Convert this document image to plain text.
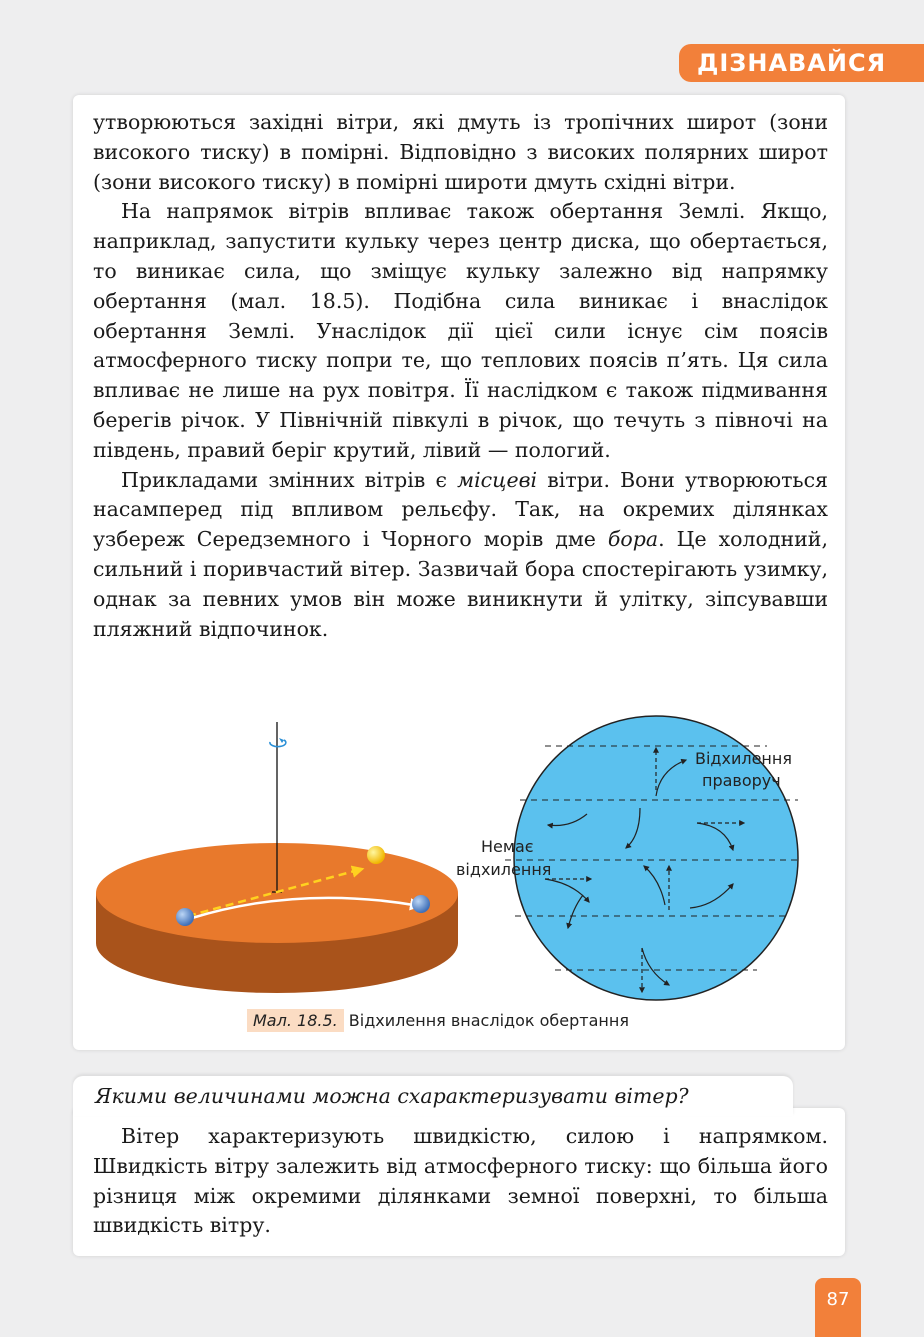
ДІЗНАВАЙСЯ

утворюються західні вітри, які дмуть із тропічних широт (зони високого тиску) в помірні. Відповідно з високих полярних широт (зони високого тиску) в помірні широти дмуть східні вітри.

На напрямок вітрів впливає також обертання Землі. Якщо, наприклад, запустити кульку через центр диска, що обертається, то виникає сила, що зміщує кульку залежно від напрямку обертання (мал. 18.5). Подібна сила виникає і внаслідок обертання Землі. Унаслідок дії цієї сили існує сім поясів атмосферного тиску попри те, що теплових поясів п’ять. Ця сила впливає не лише на рух повітря. Її наслідком є також підмивання берегів річок. У Північній півкулі в річок, що течуть з півночі на південь, правий беріг крутий, лівий — пологий.

Прикладами змінних вітрів є місцеві вітри. Вони утворюються насамперед під впливом рельєфу. Так, на окремих ділянках узбереж Середземного і Чорного морів дме бора. Це холодний, сильний і поривчастий вітер. Зазвичай бора спостерігають узимку, однак за певних умов він може виникнути й улітку, зіпсувавши пляжний відпочинок.

Відхилення
праворуч
Немає
відхилення
Мал. 18.5. Відхилення внаслідок обертання
Якими величинами можна схарактеризувати вітер?

Вітер характеризують швидкістю, силою і напрямком. Швидкість вітру залежить від атмосферного тиску: що більша його різниця між окремими ділянками земної поверхні, то більша швидкість вітру.

87
